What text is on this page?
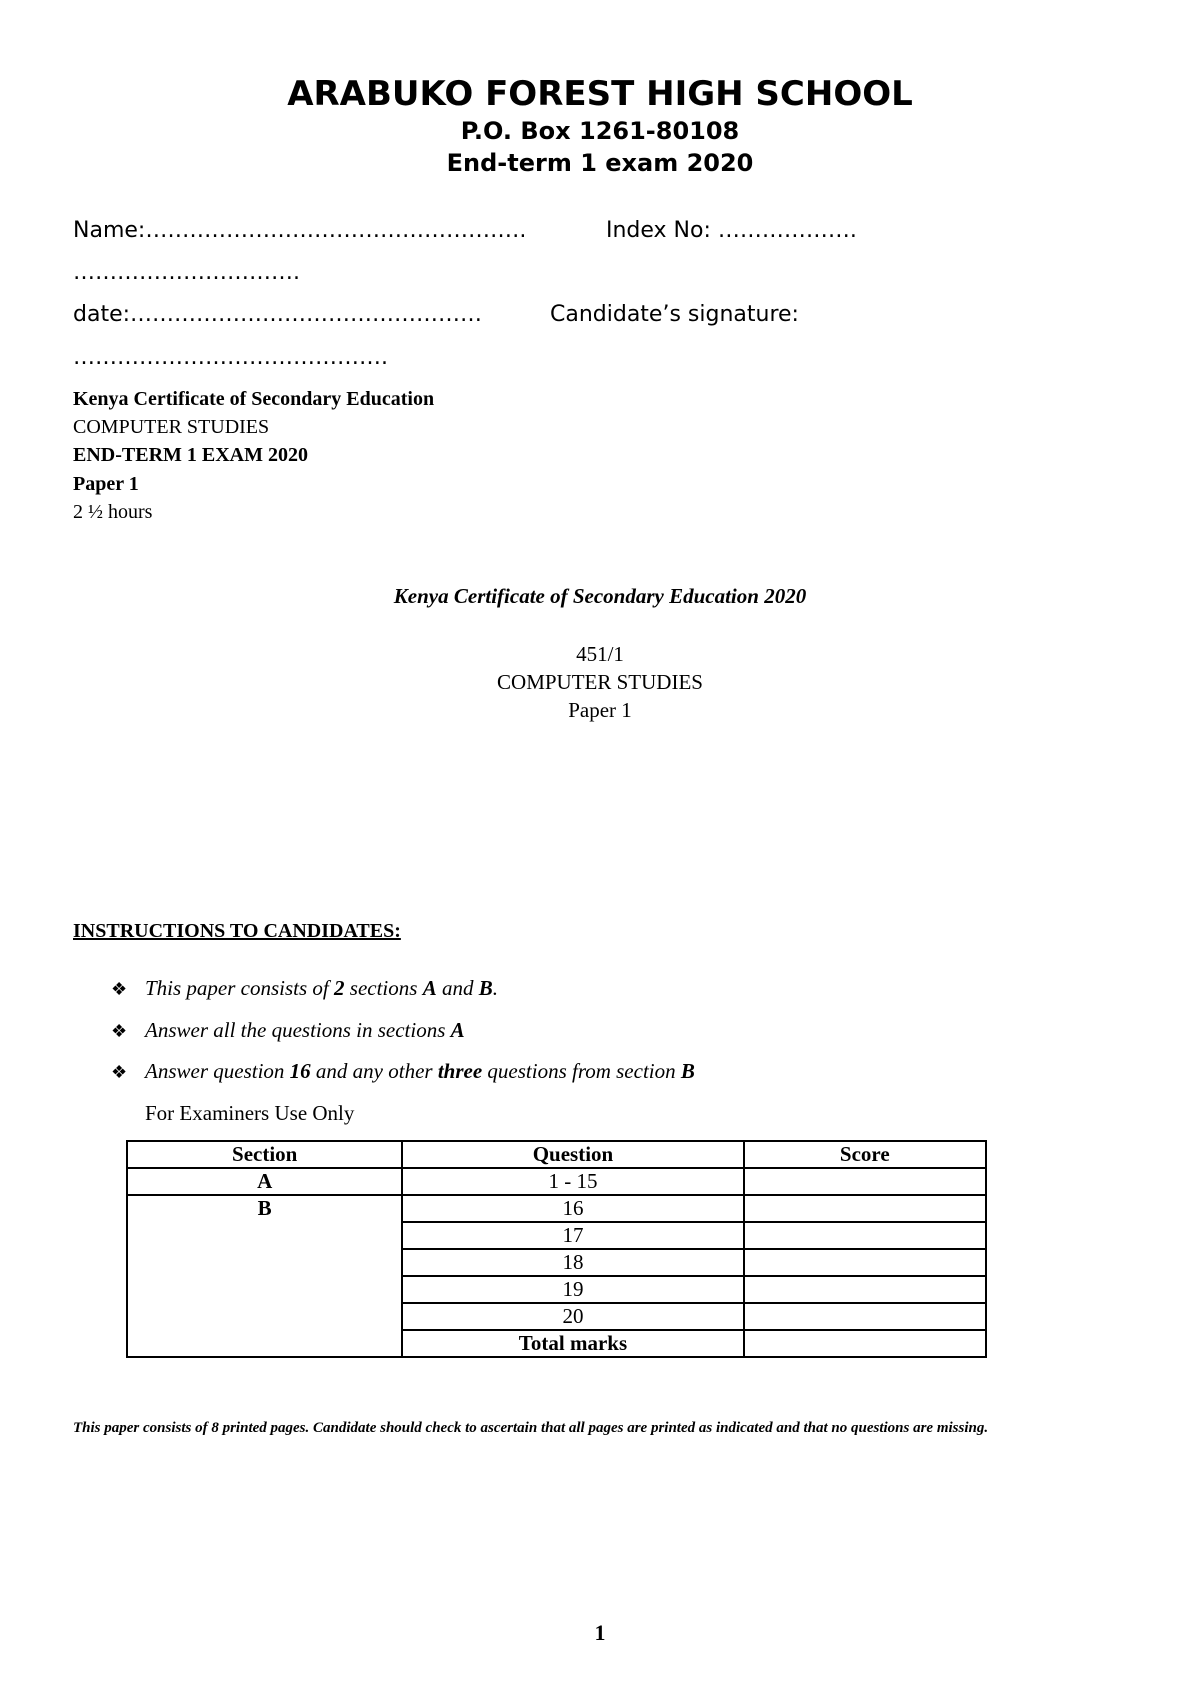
ARABUKO FOREST HIGH SCHOOL
P.O. Box 1261-80108
End-term 1 exam 2020
Name:…………………………………………….	Index No: ……………….
………………………….
date:…………………………………………	Candidate’s signature:
…………………………………….
Kenya Certificate of Secondary Education
COMPUTER STUDIES
END-TERM 1 EXAM 2020
Paper 1
2 ½ hours
Kenya Certificate of Secondary Education 2020
451/1
COMPUTER STUDIES
Paper 1
INSTRUCTIONS TO CANDIDATES:
❖ This paper consists of 2 sections A and B.
❖ Answer all the questions in sections A
❖ Answer question 16 and any other three questions from section B
For Examiners Use Only
Section	Question	Score
A	1 - 15	
B	16	
	17	
	18	
	19	
	20	
	Total marks	
This paper consists of 8 printed pages. Candidate should check to ascertain that all pages are printed as indicated and that no questions are missing.
1
